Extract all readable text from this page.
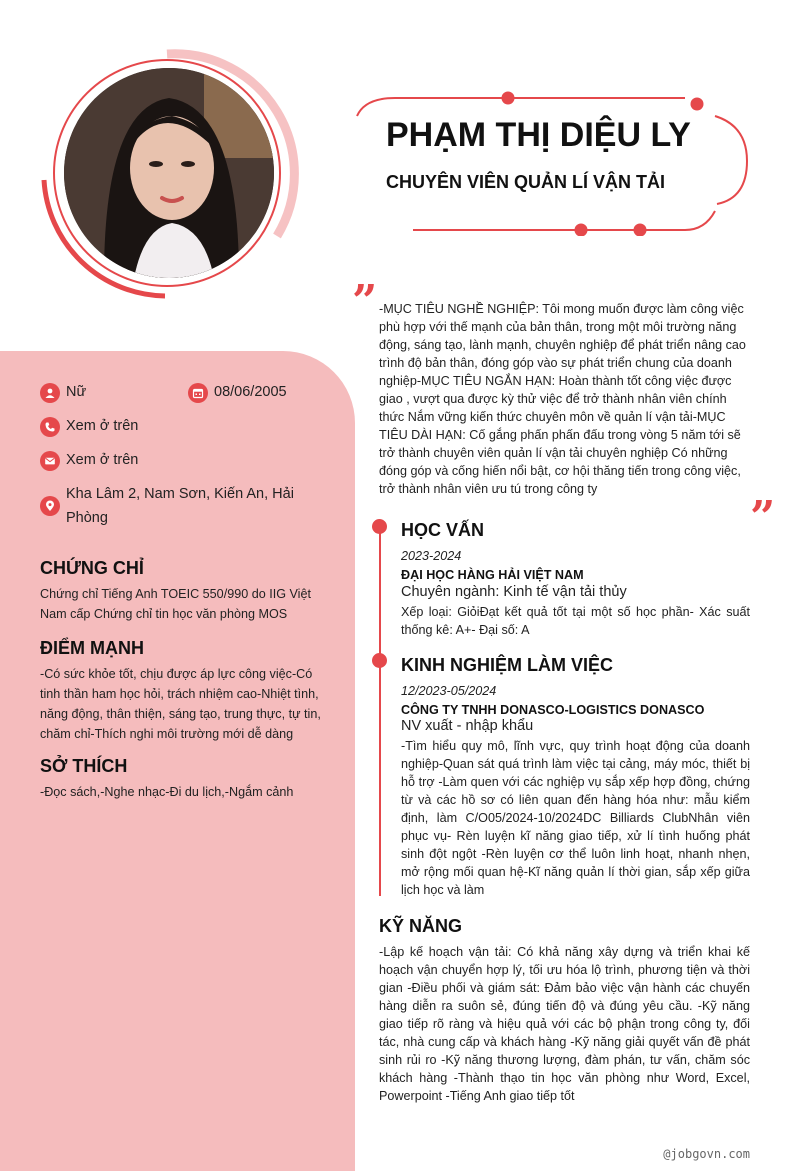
PHẠM THỊ DIỆU LY
CHUYÊN VIÊN QUẢN LÍ VẬN TẢI
” -MỤC TIÊU NGHỀ NGHIỆP: Tôi mong muốn được làm công việc phù hợp với thế mạnh của bản thân, trong một môi trường năng động, sáng tạo, lành mạnh, chuyên nghiệp để phát triển nâng cao trình độ bản thân, đóng góp vào sự phát triển chung của doanh nghiệp-MỤC TIÊU NGẮN HẠN: Hoàn thành tốt công việc được giao , vượt qua được kỳ thử việc để trở thành nhân viên chính thức Nắm vững kiến thức chuyên môn về quản lí vận tải-MỤC TIÊU DÀI HẠN: Cố gắng phấn phấn đấu trong vòng 5 năm tới sẽ trở thành chuyên viên quản lí vận tải chuyên nghiệp Có những đóng góp và cống hiến nổi bật, cơ hội thăng tiến trong công việc, trở thành nhân viên ưu tú trong công ty
”
Nữ	08/06/2005
Xem ở trên
Xem ở trên
Kha Lâm 2, Nam Sơn, Kiến An, Hải Phòng
CHỨNG CHỈ
Chứng chỉ Tiếng Anh TOEIC 550/990 do IIG Việt Nam cấp Chứng chỉ tin học văn phòng MOS
ĐIỂM MẠNH
-Có sức khỏe tốt, chịu được áp lực công việc-Có tinh thần ham học hỏi, trách nhiệm cao-Nhiệt tình, năng động, thân thiện, sáng tạo, trung thực, tự tin, chăm chỉ-Thích nghi môi trường mới dễ dàng
SỞ THÍCH
-Đọc sách,-Nghe nhạc-Đi du lịch,-Ngắm cảnh
HỌC VẤN
2023-2024
ĐẠI HỌC HÀNG HẢI VIỆT NAM
Chuyên ngành: Kinh tế vận tải thủy
Xếp loại: GiỏiĐạt kết quả tốt tại một số học phần- Xác suất thống kê: A+- Đại số: A
KINH NGHIỆM LÀM VIỆC
12/2023-05/2024
CÔNG TY TNHH DONASCO-LOGISTICS DONASCO
NV xuất - nhập khẩu
-Tìm hiểu quy mô, lĩnh vực, quy trình hoạt động của doanh nghiệp-Quan sát quá trình làm việc tại cảng, máy móc, thiết bị hỗ trợ -Làm quen với các nghiệp vụ sắp xếp hợp đồng, chứng từ và các hồ sơ có liên quan đến hàng hóa như: mẫu kiểm định, làm C/O05/2024-10/2024DC Billiards ClubNhân viên phục vụ- Rèn luyện kĩ năng giao tiếp, xử lí tình huống phát sinh đột ngột -Rèn luyện cơ thể luôn linh hoạt, nhanh nhẹn, mở rộng mối quan hệ-Kĩ năng quản lí thời gian, sắp xếp giữa lịch học và làm
KỸ NĂNG
-Lập kế hoạch vận tải: Có khả năng xây dựng và triển khai kế hoạch vận chuyển hợp lý, tối ưu hóa lộ trình, phương tiện và thời gian -Điều phối và giám sát: Đảm bảo việc vận hành các chuyến hàng diễn ra suôn sẻ, đúng tiến độ và đúng yêu cầu. -Kỹ năng giao tiếp rõ ràng và hiệu quả với các bộ phận trong công ty, đối tác, nhà cung cấp và khách hàng -Kỹ năng giải quyết vấn đề phát sinh rủi ro -Kỹ năng thương lượng, đàm phán, tư vấn, chăm sóc khách hàng -Thành thạo tin học văn phòng như Word, Excel, Powerpoint -Tiếng Anh giao tiếp tốt
@jobgovn.com
